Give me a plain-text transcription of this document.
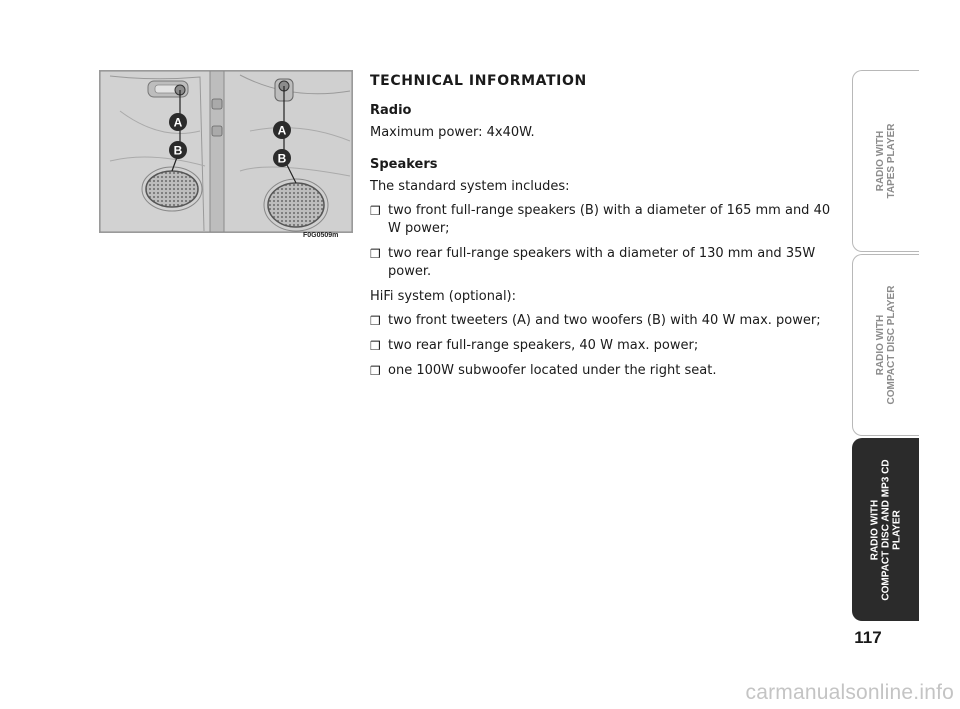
A
B
A
B
F0G0509m
TECHNICAL INFORMATION
Radio

Maximum power: 4x40W.

Speakers

The standard system includes:

❒ two front full-range speakers (B) with a diameter of 165 mm and 40 W power;
❒ two rear full-range speakers with a diameter of 130 mm and 35W power.

HiFi system (optional):

❒ two front tweeters (A) and two woofers (B) with 40 W max. power;
❒ two rear full-range speakers, 40 W max. power;
❒ one 100W subwoofer located under the right seat.
RADIO WITH TAPES PLAYER
RADIO WITH COMPACT DISC PLAYER
RADIO WITH COMPACT DISC AND MP3 CD PLAYER
117
carmanualsonline.info
